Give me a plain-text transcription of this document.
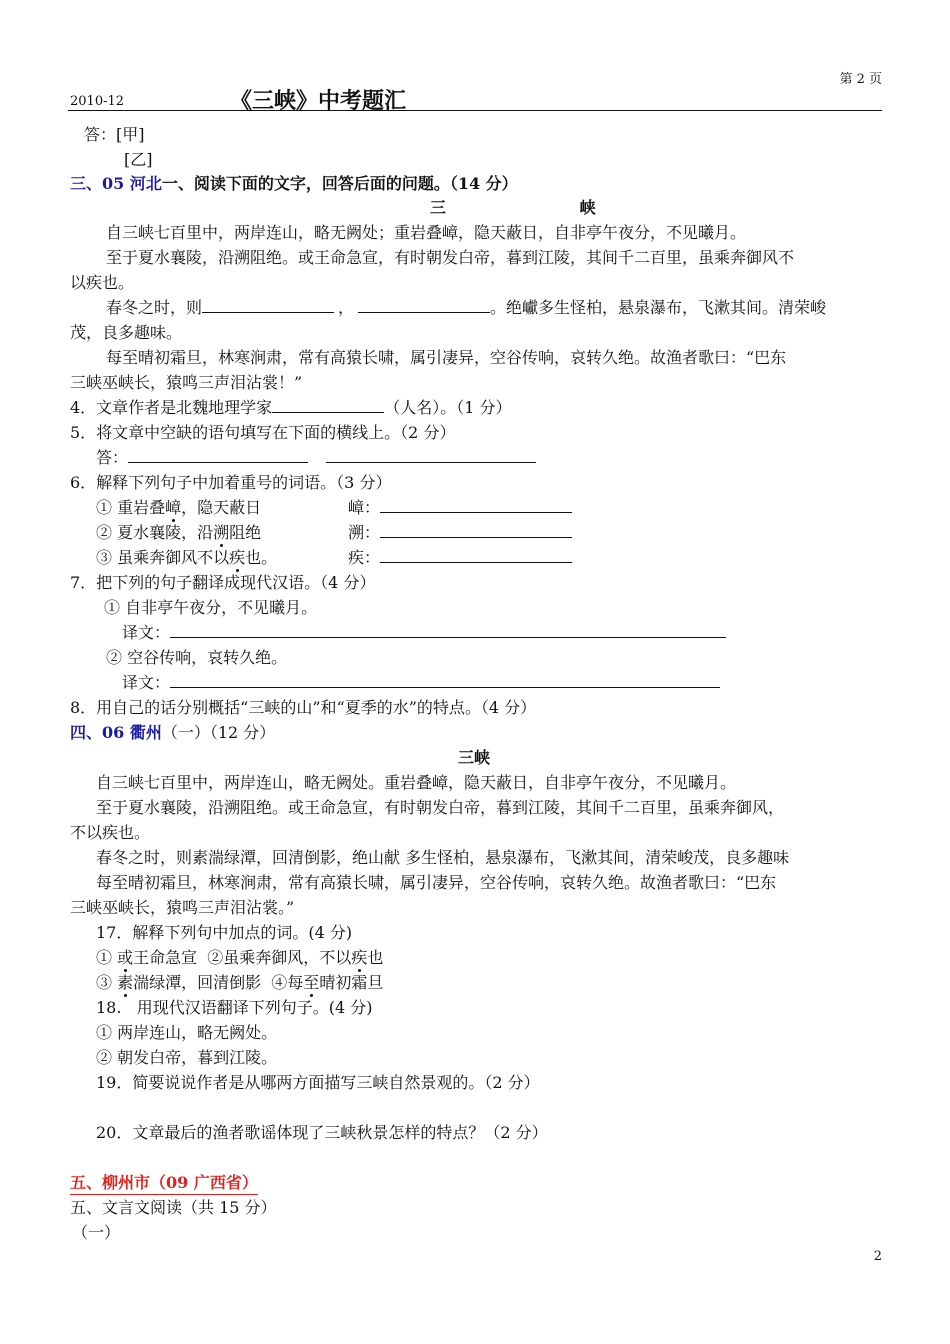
第 2 页
2010-12	《三峡》中考题汇
答：[甲]
[乙]
三、05 河北一、阅读下面的文字，回答后面的问题。（14 分）
三 峡
自三峡七百里中，两岸连山，略无阙处；重岩叠嶂，隐天蔽日，自非亭午夜分，不见曦月。
至于夏水襄陵，沿溯阻绝。或王命急宣，有时朝发白帝，暮到江陵，其间千二百里，虽乘奔御风不
以疾也。
春冬之时，则	，	。绝巘多生怪柏，悬泉瀑布，飞漱其间。清荣峻
茂，良多趣味。
每至晴初霜旦，林寒涧肃，常有高猿长啸，属引凄异，空谷传响，哀转久绝。故渔者歌曰：“巴东
三峡巫峡长，猿鸣三声泪沾裳！”
4．文章作者是北魏地理学家	（人名）。（1 分）
5．将文章中空缺的语句填写在下面的横线上。（2 分）
答：
6．解释下列句子中加着重号的词语。（3 分）
① 重岩叠嶂，隐天蔽日	嶂：
② 夏水襄陵，沿溯阻绝	溯：
③ 虽乘奔御风不以疾也。	疾：
7．把下列的句子翻译成现代汉语。（4 分）
① 自非亭午夜分，不见曦月。
译文：
② 空谷传响，哀转久绝。
译文：
8．用自己的话分别概括“三峡的山”和“夏季的水”的特点。（4 分）
四、06 衢州（一）（12 分）
三峡
自三峡七百里中，两岸连山，略无阙处。重岩叠嶂，隐天蔽日，自非亭午夜分，不见曦月。
至于夏水襄陵，沿溯阻绝。或王命急宣，有时朝发白帝，暮到江陵，其间千二百里，虽乘奔御风，
不以疾也。
春冬之时，则素湍绿潭，回清倒影，绝山献 多生怪柏，悬泉瀑布，飞漱其间，清荣峻茂，良多趣味
每至晴初霜旦，林寒涧肃，常有高猿长啸，属引凄异，空谷传响，哀转久绝。故渔者歌曰：“巴东
三峡巫峡长，猿鸣三声泪沾裳。”
17．解释下列句中加点的词。(4 分)
① 或王命急宣  ②虽乘奔御风，不以疾也
③ 素湍绿潭，回清倒影  ④每至晴初霜旦
18.   用现代汉语翻译下列句子。(4 分)
① 两岸连山，略无阙处。
② 朝发白帝，暮到江陵。
19．简要说说作者是从哪两方面描写三峡自然景观的。（2 分）
20．文章最后的渔者歌谣体现了三峡秋景怎样的特点？（2 分）
五、柳州市（09 广西省）
五、文言文阅读（共 15 分）
（一）
2
